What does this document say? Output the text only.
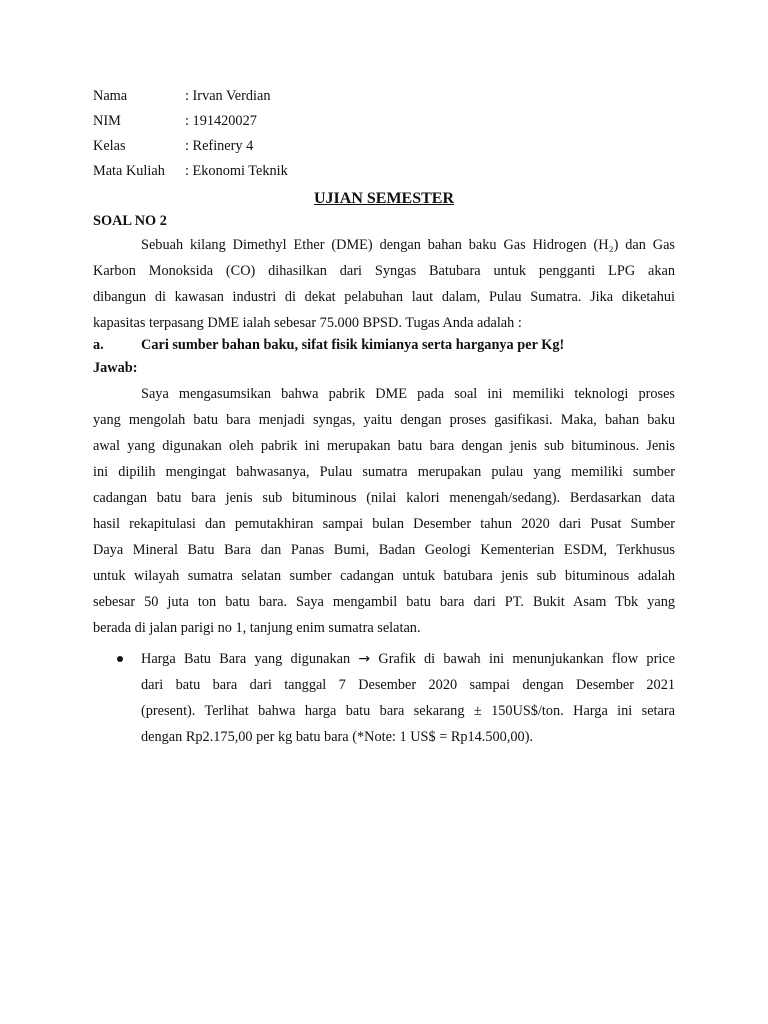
Nama	: Irvan Verdian
NIM	: 191420027
Kelas	: Refinery 4
Mata Kuliah : Ekonomi Teknik
UJIAN SEMESTER
SOAL NO 2
Sebuah kilang Dimethyl Ether (DME) dengan bahan baku Gas Hidrogen (H₂) dan Gas
Karbon Monoksida (CO) dihasilkan dari Syngas Batubara untuk pengganti LPG akan
dibangun di kawasan industri di dekat pelabuhan laut dalam, Pulau Sumatra. Jika diketahui
kapasitas terpasang DME ialah sebesar 75.000 BPSD. Tugas Anda adalah :
a.	Cari sumber bahan baku, sifat fisik kimianya serta harganya per Kg!
Jawab:
Saya mengasumsikan bahwa pabrik DME pada soal ini memiliki teknologi proses
yang mengolah batu bara menjadi syngas, yaitu dengan proses gasifikasi. Maka, bahan baku
awal yang digunakan oleh pabrik ini merupakan batu bara dengan jenis sub bituminous. Jenis
ini dipilih mengingat bahwasanya, Pulau sumatra merupakan pulau yang memiliki sumber
cadangan batu bara jenis sub bituminous (nilai kalori menengah/sedang). Berdasarkan data
hasil rekapitulasi dan pemutakhiran sampai bulan Desember tahun 2020 dari Pusat Sumber
Daya Mineral Batu Bara dan Panas Bumi, Badan Geologi Kementerian ESDM, Terkhusus
untuk wilayah sumatra selatan sumber cadangan untuk batubara jenis sub bituminous adalah
sebesar 50 juta ton batu bara. Saya mengambil batu bara dari PT. Bukit Asam Tbk yang
berada di jalan parigi no 1, tanjung enim sumatra selatan.
Harga Batu Bara yang digunakan → Grafik di bawah ini menunjukankan flow price
dari batu bara dari tanggal 7 Desember 2020 sampai dengan Desember 2021
(present). Terlihat bahwa harga batu bara sekarang ± 150US$/ton. Harga ini setara
dengan Rp2.175,00 per kg batu bara (*Note: 1 US$ = Rp14.500,00).
